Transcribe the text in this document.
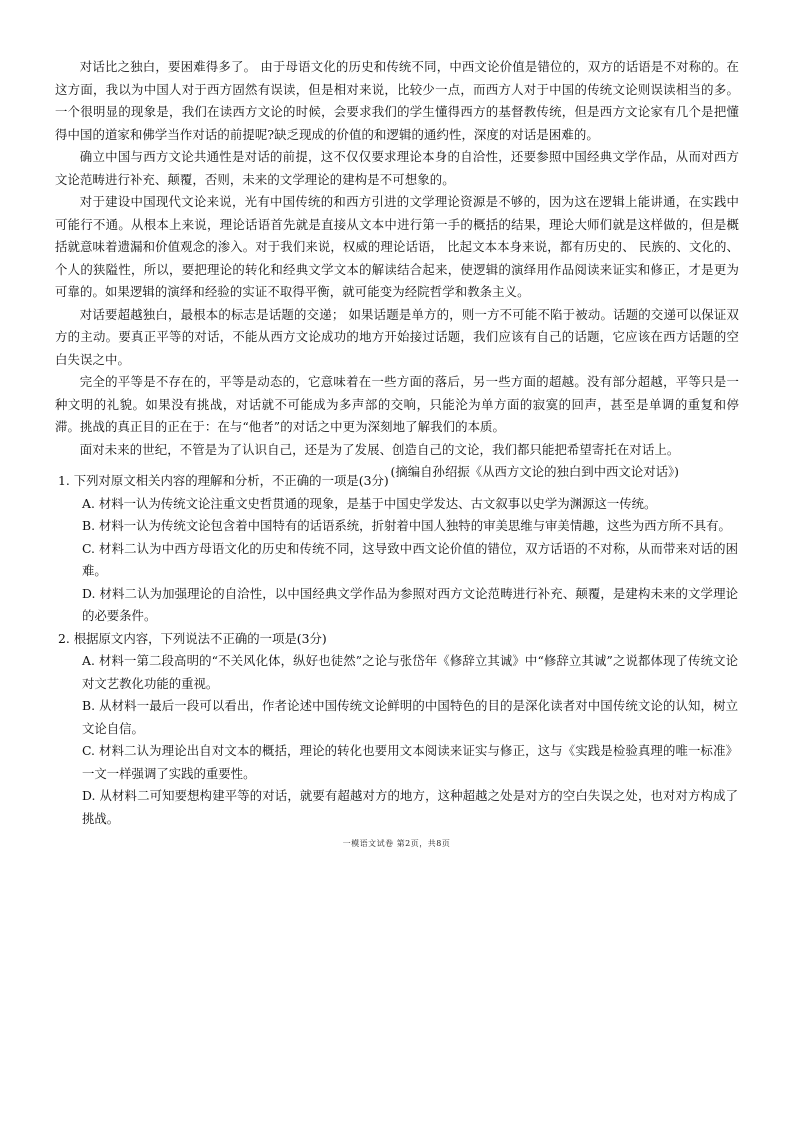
对话比之独白，要困难得多了。 由于母语文化的历史和传统不同，中西文论价值是错位的，双方的话语是不对称的。在这方面，我以为中国人对于西方固然有误读，但是相对来说，比较少一点，而西方人对于中国的传统文论则误读相当的多。一个很明显的现象是，我们在读西方文论的时候，会要求我们的学生懂得西方的基督教传统，但是西方文论家有几个是把懂得中国的道家和佛学当作对话的前提呢?缺乏现成的价值的和逻辑的通约性，深度的对话是困难的。

确立中国与西方文论共通性是对话的前提，这不仅仅要求理论本身的自洽性，还要参照中国经典文学作品，从而对西方文论范畴进行补充、颠覆，否则，未来的文学理论的建构是不可想象的。

对于建设中国现代文论来说，光有中国传统的和西方引进的文学理论资源是不够的，因为这在逻辑上能讲通，在实践中可能行不通。从根本上来说，理论话语首先就是直接从文本中进行第一手的概括的结果，理论大师们就是这样做的，但是概括就意味着遗漏和价值观念的渗入。对于我们来说，权威的理论话语， 比起文本本身来说，都有历史的、 民族的、文化的、个人的狭隘性，所以，要把理论的转化和经典文学文本的解读结合起来，使逻辑的演绎用作品阅读来证实和修正，才是更为可靠的。如果逻辑的演绎和经验的实证不取得平衡，就可能变为经院哲学和教条主义。

对话要超越独白，最根本的标志是话题的交递； 如果话题是单方的，则一方不可能不陷于被动。话题的交递可以保证双方的主动。要真正平等的对话，不能从西方文论成功的地方开始接过话题，我们应该有自己的话题，它应该在西方话题的空白失误之中。

完全的平等是不存在的，平等是动态的，它意味着在一些方面的落后，另一些方面的超越。没有部分超越，平等只是一种文明的礼貌。如果没有挑战，对话就不可能成为多声部的交响，只能沦为单方面的寂寞的回声，甚至是单调的重复和停滞。挑战的真正目的正在于：在与“他者”的对话之中更为深刻地了解我们的本质。

面对未来的世纪，不管是为了认识自己，还是为了发展、创造自己的文论，我们都只能把希望寄托在对话上。

(摘编自孙绍振《从西方文论的独白到中西文论对话》)

1. 下列对原文相关内容的理解和分析，不正确的一项是(3分)

A. 材料一认为传统文论注重文史哲贯通的现象，是基于中国史学发达、古文叙事以史学为渊源这一传统。

B. 材料一认为传统文论包含着中国特有的话语系统，折射着中国人独特的审美思维与审美情趣，这些为西方所不具有。

C. 材料二认为中西方母语文化的历史和传统不同，这导致中西文论价值的错位，双方话语的不对称，从而带来对话的困难。

D. 材料二认为加强理论的自洽性，以中国经典文学作品为参照对西方文论范畴进行补充、颠覆，是建构未来的文学理论的必要条件。

2. 根据原文内容，下列说法不正确的一项是(3分)

A. 材料一第二段高明的“不关风化体，纵好也徒然”之论与张岱年《修辞立其诚》中“修辞立其诚”之说都体现了传统文论对文艺教化功能的重视。

B. 从材料一最后一段可以看出，作者论述中国传统文论鲜明的中国特色的目的是深化读者对中国传统文论的认知，树立文论自信。

C. 材料二认为理论出自对文本的概括，理论的转化也要用文本阅读来证实与修正，这与《实践是检验真理的唯一标准》一文一样强调了实践的重要性。

D. 从材料二可知要想构建平等的对话，就要有超越对方的地方，这种超越之处是对方的空白失误之处，也对对方构成了挑战。

一模语文试卷 第2页，共8页
